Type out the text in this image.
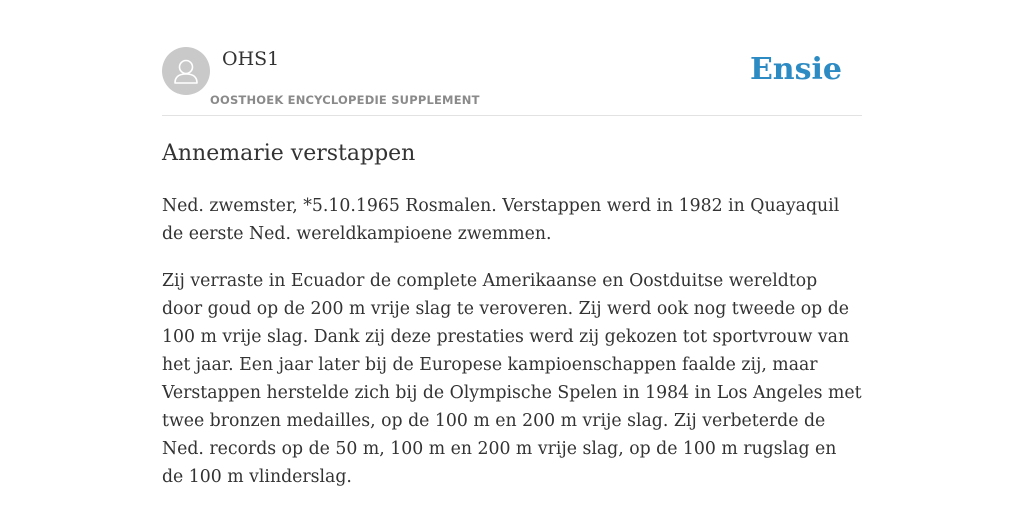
OHS1
OOSTHOEK ENCYCLOPEDIE SUPPLEMENT
Ensie
Annemarie verstappen

Ned. zwemster, *5.10.1965 Rosmalen. Verstappen werd in 1982 in Quayaquil de eerste Ned. wereldkampioene zwemmen.

Zij verraste in Ecuador de complete Amerikaanse en Oostduitse wereldtop door goud op de 200 m vrije slag te veroveren. Zij werd ook nog tweede op de 100 m vrije slag. Dank zij deze prestaties werd zij gekozen tot sportvrouw van het jaar. Een jaar later bij de Europese kampioenschappen faalde zij, maar Verstappen herstelde zich bij de Olympische Spelen in 1984 in Los Angeles met twee bronzen medailles, op de 100 m en 200 m vrije slag. Zij verbeterde de Ned. records op de 50 m, 100 m en 200 m vrije slag, op de 100 m rugslag en de 100 m vlinderslag.
